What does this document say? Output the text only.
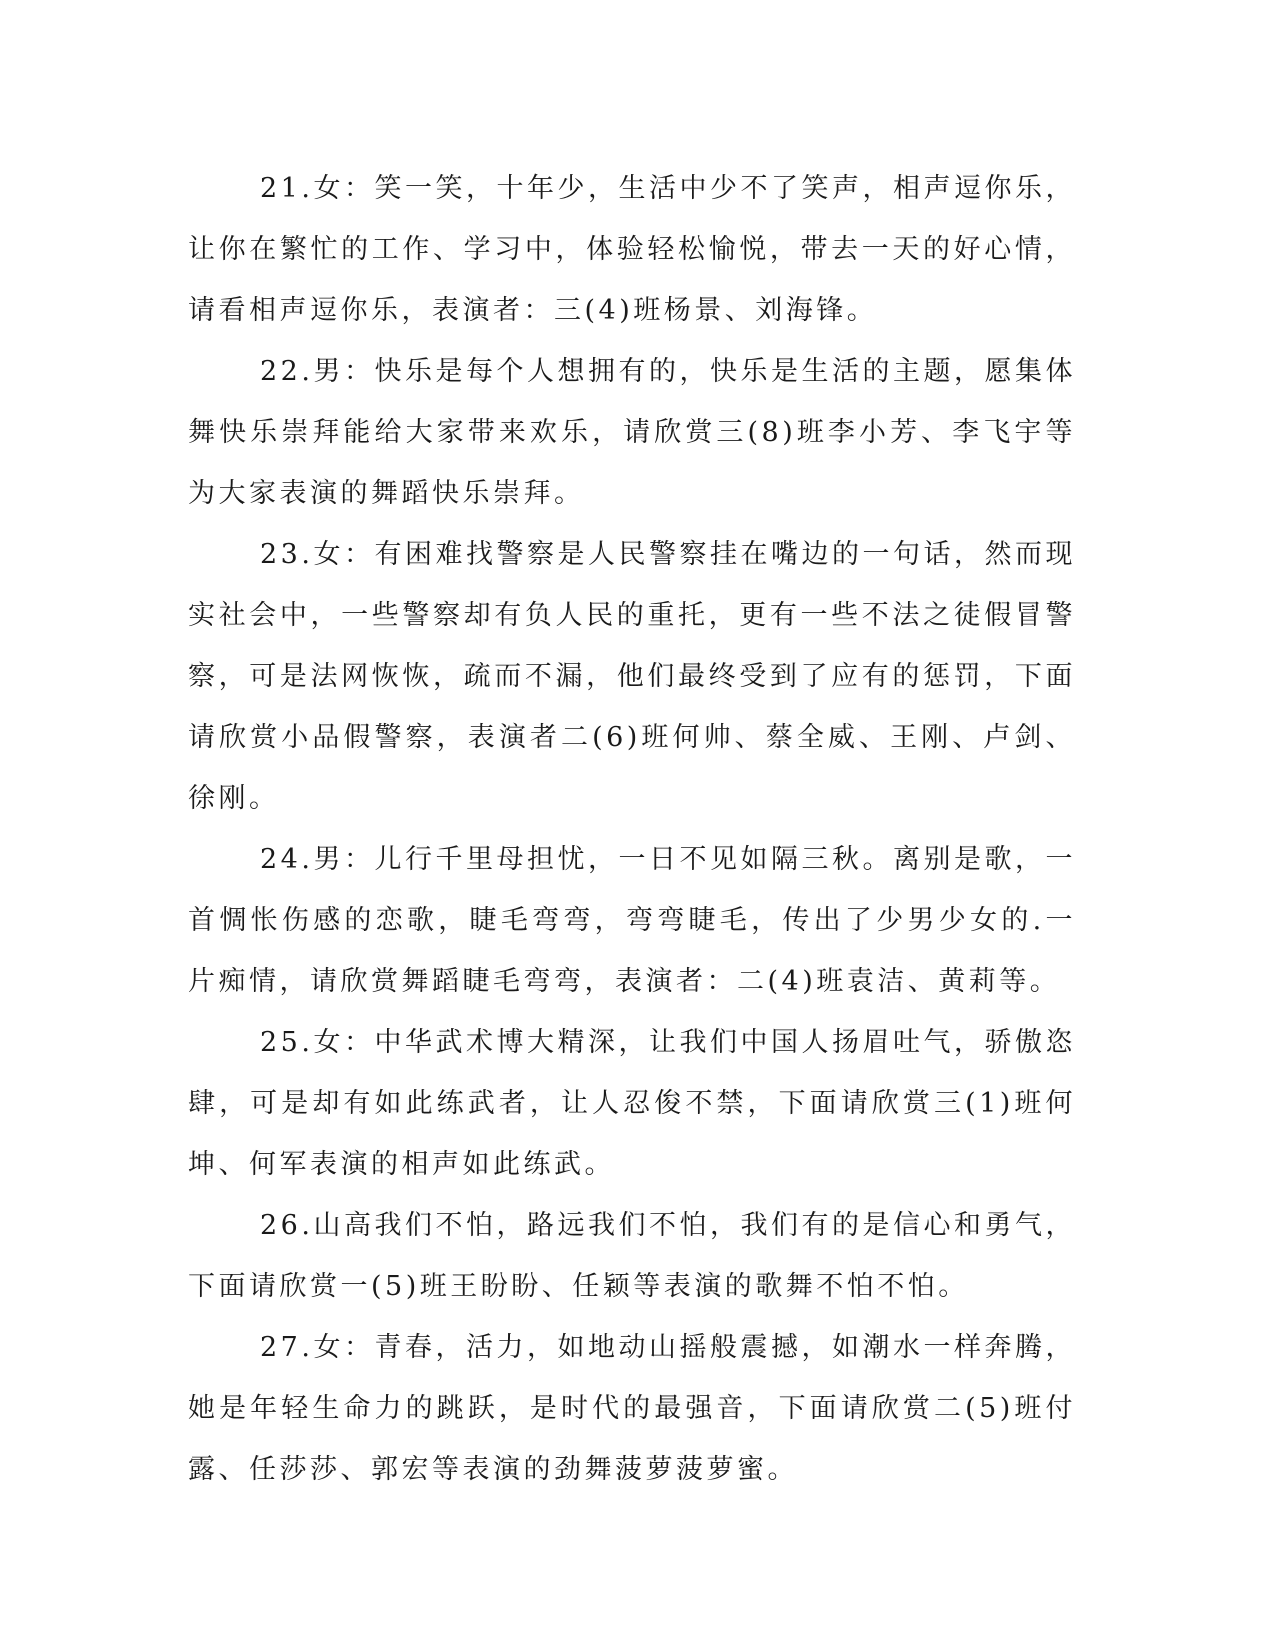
21.女：笑一笑，十年少，生活中少不了笑声，相声逗你乐，让你在繁忙的工作、学习中，体验轻松愉悦，带去一天的好心情，请看相声逗你乐，表演者：三(4)班杨景、刘海锋。

22.男：快乐是每个人想拥有的，快乐是生活的主题，愿集体舞快乐崇拜能给大家带来欢乐，请欣赏三(8)班李小芳、李飞宇等为大家表演的舞蹈快乐崇拜。

23.女：有困难找警察是人民警察挂在嘴边的一句话，然而现实社会中，一些警察却有负人民的重托，更有一些不法之徒假冒警察，可是法网恢恢，疏而不漏，他们最终受到了应有的惩罚，下面请欣赏小品假警察，表演者二(6)班何帅、蔡全威、王刚、卢剑、徐刚。

24.男：儿行千里母担忧，一日不见如隔三秋。离别是歌，一首惆怅伤感的恋歌，睫毛弯弯，弯弯睫毛，传出了少男少女的.一片痴情，请欣赏舞蹈睫毛弯弯，表演者：二(4)班袁洁、黄莉等。

25.女：中华武术博大精深，让我们中国人扬眉吐气，骄傲恣肆，可是却有如此练武者，让人忍俊不禁，下面请欣赏三(1)班何坤、何军表演的相声如此练武。

26.山高我们不怕，路远我们不怕，我们有的是信心和勇气，下面请欣赏一(5)班王盼盼、任颖等表演的歌舞不怕不怕。

27.女：青春，活力，如地动山摇般震撼，如潮水一样奔腾，她是年轻生命力的跳跃，是时代的最强音，下面请欣赏二(5)班付露、任莎莎、郭宏等表演的劲舞菠萝菠萝蜜。
